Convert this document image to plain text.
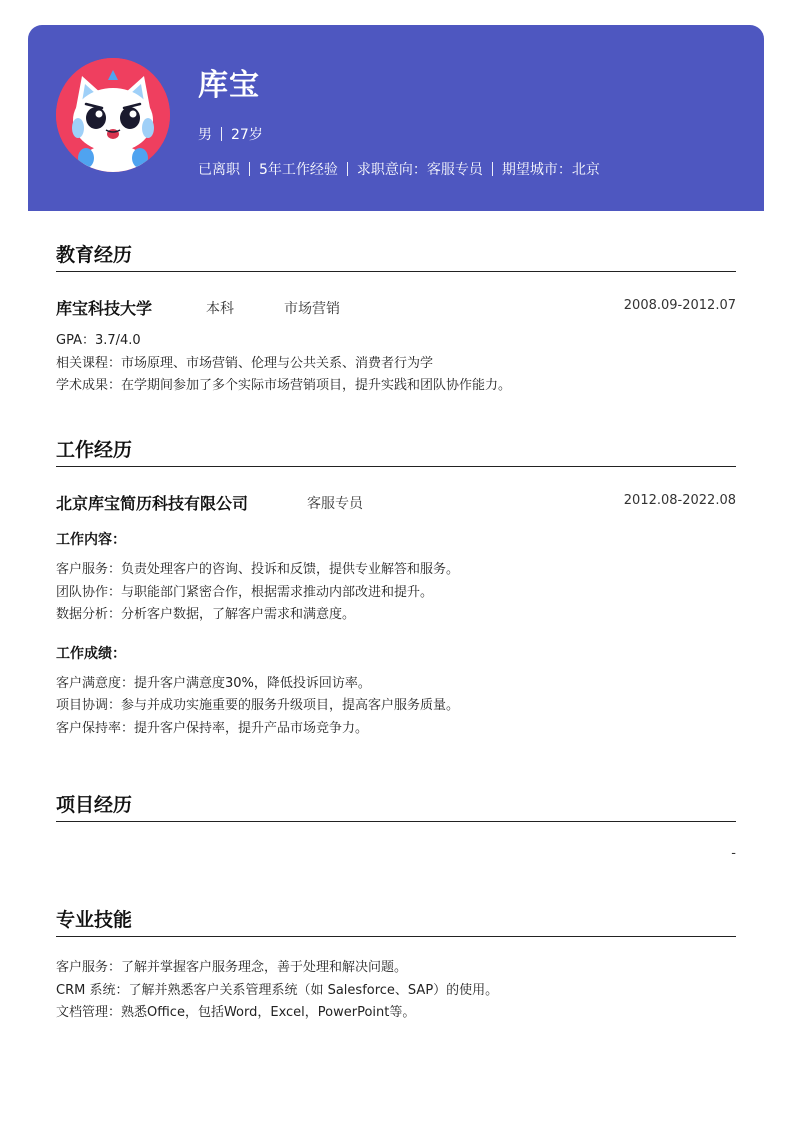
库宝
男 27岁
已离职 5年工作经验 求职意向：客服专员 期望城市：北京
教育经历
库宝科技大学	本科	市场营销	2008.09-2012.07
GPA：3.7/4.0
相关课程：市场原理、市场营销、伦理与公共关系、消费者行为学
学术成果：在学期间参加了多个实际市场营销项目，提升实践和团队协作能力。
工作经历
北京库宝简历科技有限公司	客服专员	2012.08-2022.08
工作内容：
客户服务：负责处理客户的咨询、投诉和反馈，提供专业解答和服务。
团队协作：与职能部门紧密合作，根据需求推动内部改进和提升。
数据分析：分析客户数据，了解客户需求和满意度。
工作成绩：
客户满意度：提升客户满意度30%，降低投诉回访率。
项目协调：参与并成功实施重要的服务升级项目，提高客户服务质量。
客户保持率：提升客户保持率，提升产品市场竞争力。
项目经历
-
专业技能
客户服务：了解并掌握客户服务理念，善于处理和解决问题。
CRM 系统：了解并熟悉客户关系管理系统（如 Salesforce、SAP）的使用。
文档管理：熟悉Office，包括Word，Excel，PowerPoint等。
